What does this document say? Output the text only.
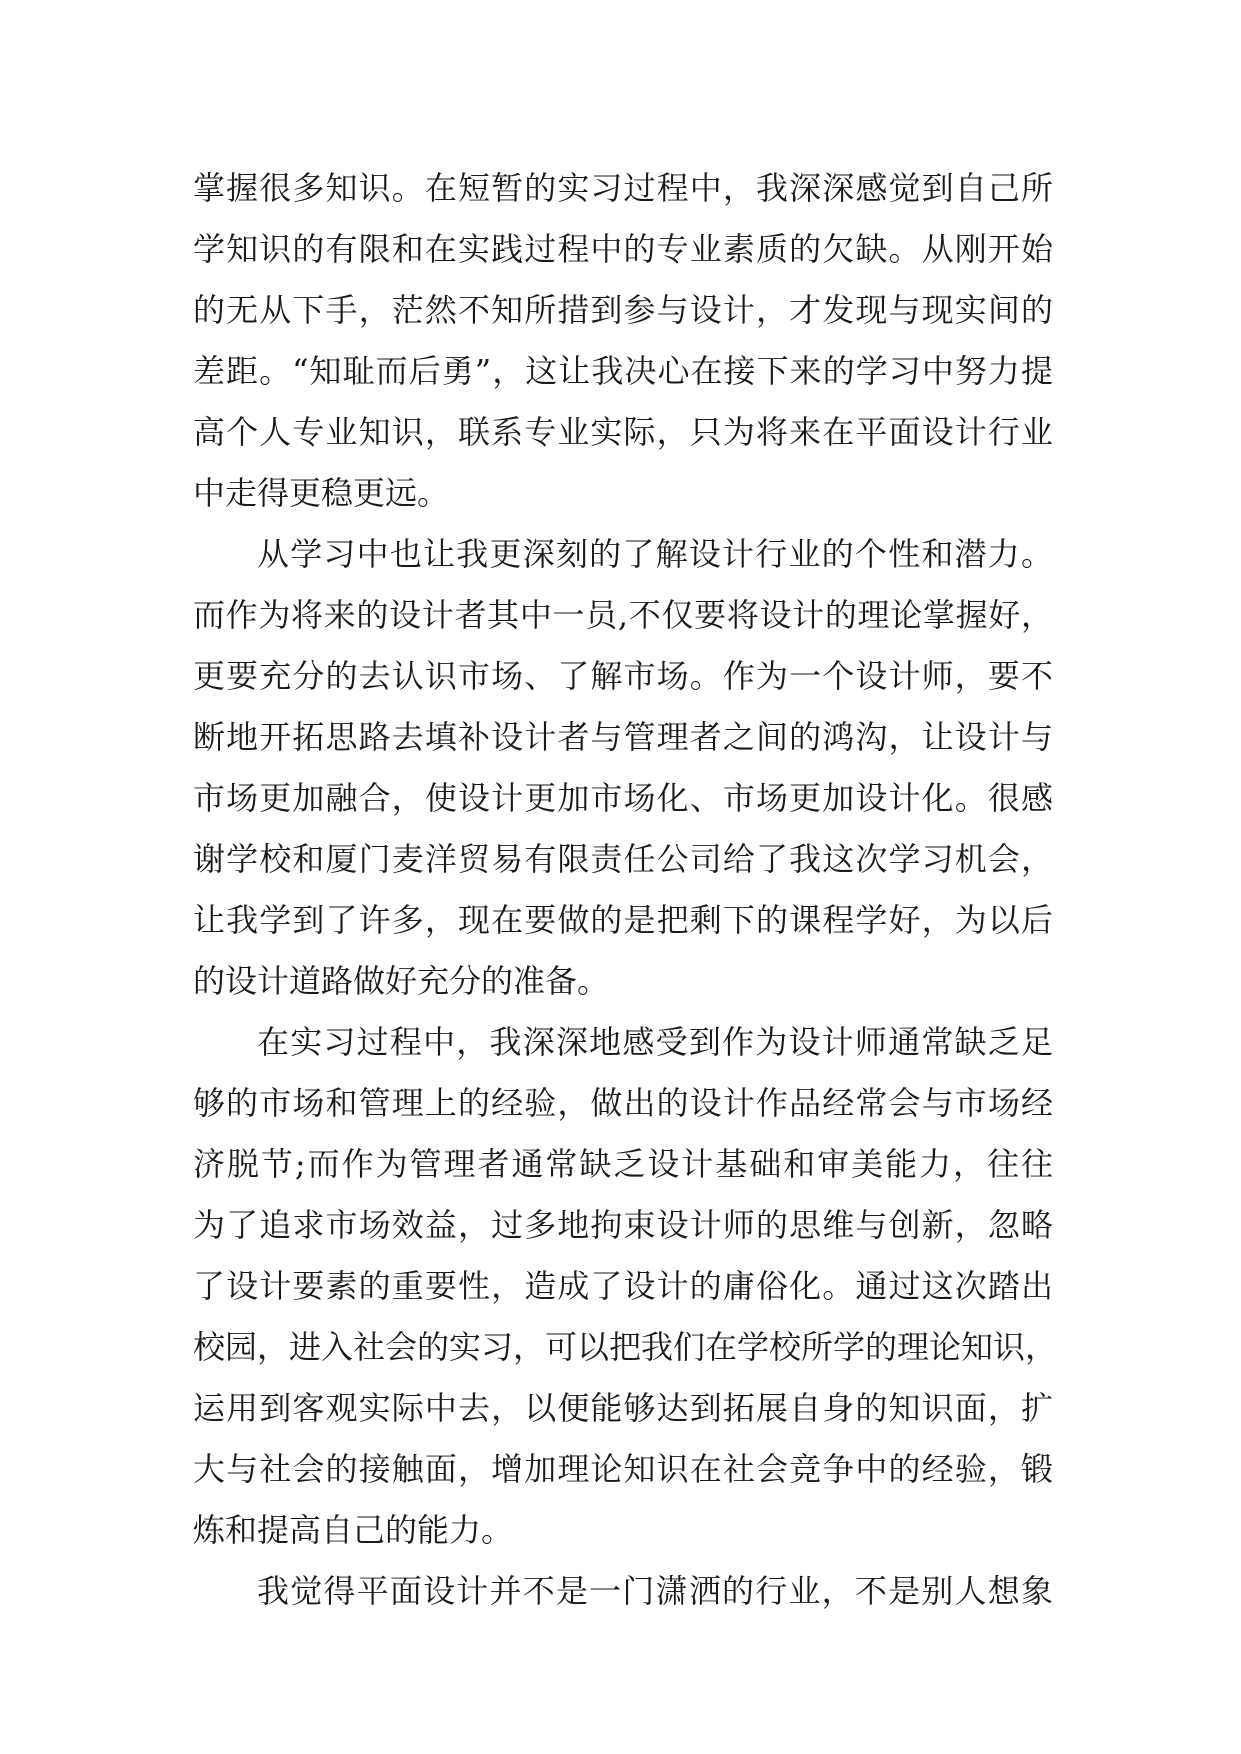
掌握很多知识。在短暂的实习过程中，我深深感觉到自己所
学知识的有限和在实践过程中的专业素质的欠缺。从刚开始
的无从下手，茫然不知所措到参与设计，才发现与现实间的
差距。“知耻而后勇”，这让我决心在接下来的学习中努力提
高个人专业知识，联系专业实际，只为将来在平面设计行业
中走得更稳更远。
从学习中也让我更深刻的了解设计行业的个性和潜力。
而作为将来的设计者其中一员,不仅要将设计的理论掌握好，
更要充分的去认识市场、了解市场。作为一个设计师，要不
断地开拓思路去填补设计者与管理者之间的鸿沟，让设计与
市场更加融合，使设计更加市场化、市场更加设计化。很感
谢学校和厦门麦洋贸易有限责任公司给了我这次学习机会，
让我学到了许多，现在要做的是把剩下的课程学好，为以后
的设计道路做好充分的准备。
在实习过程中，我深深地感受到作为设计师通常缺乏足
够的市场和管理上的经验，做出的设计作品经常会与市场经
济脱节;而作为管理者通常缺乏设计基础和审美能力，往往
为了追求市场效益，过多地拘束设计师的思维与创新，忽略
了设计要素的重要性，造成了设计的庸俗化。通过这次踏出
校园，进入社会的实习，可以把我们在学校所学的理论知识，
运用到客观实际中去，以便能够达到拓展自身的知识面，扩
大与社会的接触面，增加理论知识在社会竞争中的经验，锻
炼和提高自己的能力。
我觉得平面设计并不是一门潇洒的行业，不是别人想象
